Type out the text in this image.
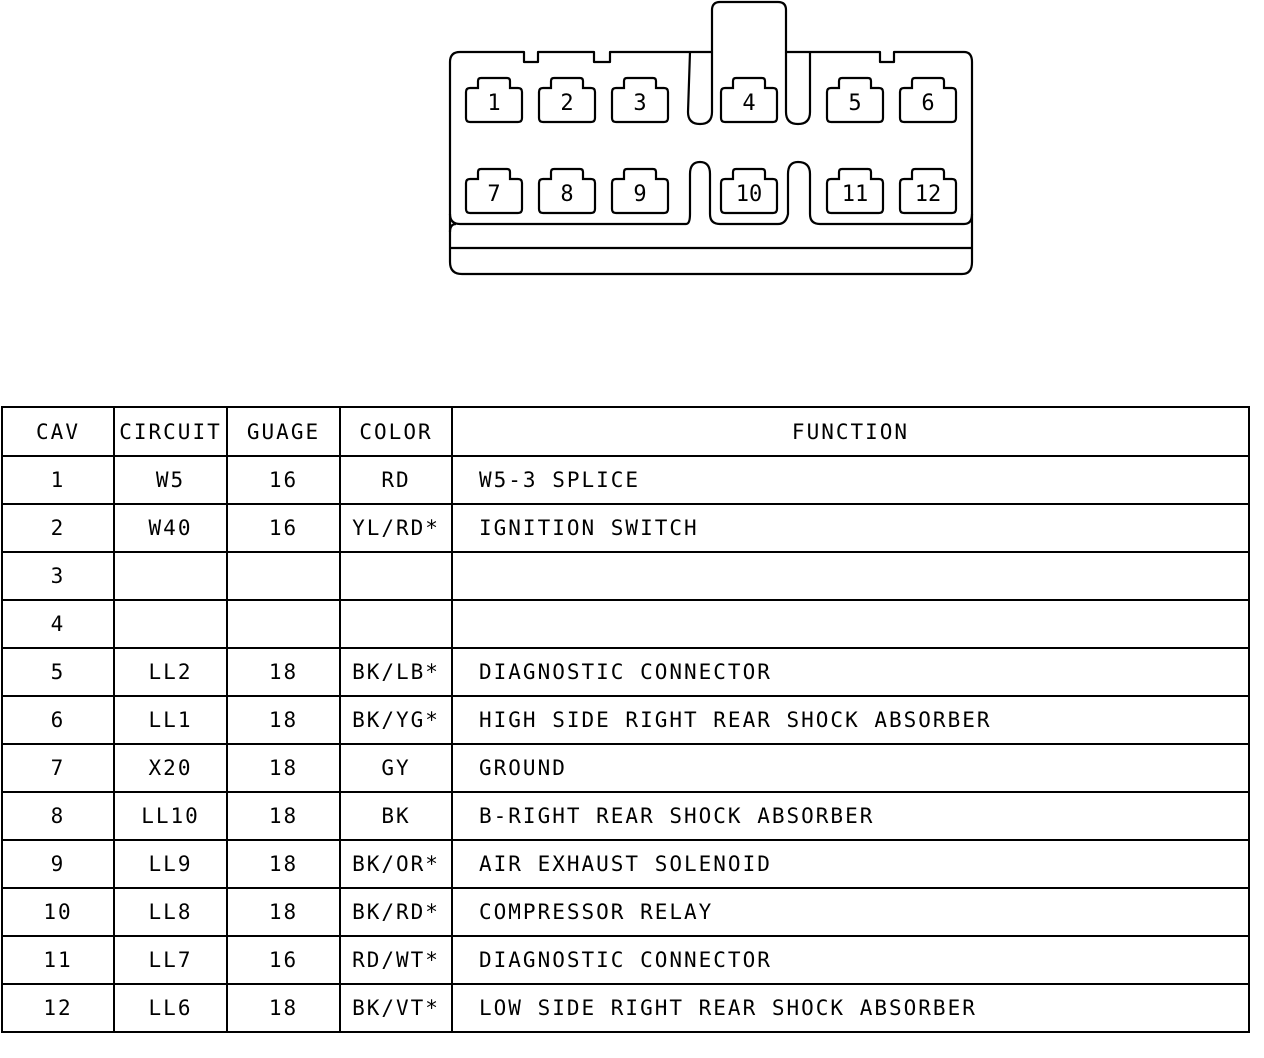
1	2	3	4	5	6
7	8	9	10	11 12
CAV	CIRCUIT	GUAGE	COLOR	FUNCTION
1	W5	16	RD	W5-3 SPLICE
2	W40	16	YL/RD*	IGNITION SWITCH
3				
4				
5	LL2	18	BK/LB*	DIAGNOSTIC CONNECTOR
6	LL1	18	BK/YG*	HIGH SIDE RIGHT REAR SHOCK ABSORBER
7	X20	18	GY	GROUND
8	LL10	18	BK	B-RIGHT REAR SHOCK ABSORBER
9	LL9	18	BK/OR*	AIR EXHAUST SOLENOID
10	LL8	18	BK/RD*	COMPRESSOR RELAY
11	LL7	16	RD/WT*	DIAGNOSTIC CONNECTOR
12	LL6	18	BK/VT*	LOW SIDE RIGHT REAR SHOCK ABSORBER
